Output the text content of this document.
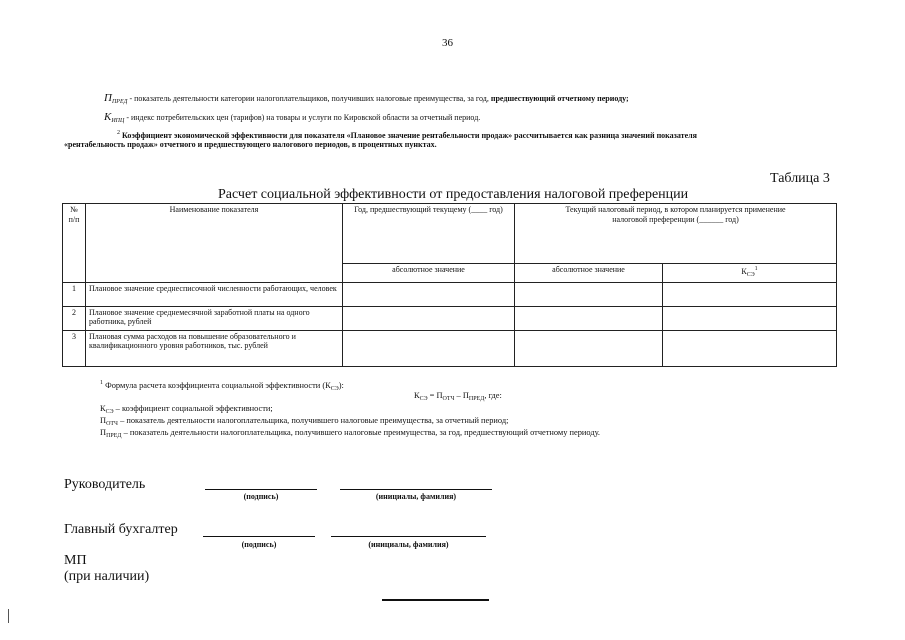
36
$П_{ПРЕД}$ - показатель деятельности категории налогоплательщиков, получивших налоговые преимущества, за год, предшествующий отчетному периоду;
$К_{ИПЦ}$ - индекс потребительских цен (тарифов) на товары и услуги по Кировской области за отчетный период.
$^2$ Коэффициент экономической эффективности для показателя «Плановое значение рентабельности продаж» рассчитывается как разница значений показателя
«рентабельность продаж» отчетного и предшествующего налогового периодов, в процентных пунктах.
Таблица 3
Расчет социальной эффективности от предоставления налоговой преференции
№ п/п	Наименование показателя	Год, предшествующий текущему (____ год)	Текущий налоговый период, в котором планируется применение налоговой преференции (______ год)	
		абсолютное значение	абсолютное значение	$К_{СЭ}^1$
1	Плановое значение среднесписочной численности работающих, человек			
2	Плановое значение среднемесячной заработной платы на одного работника, рублей			
3	Плановая сумма расходов на повышение образовательного и квалификационного уровня работников, тыс. рублей			
$^1$ Формула расчета коэффициента социальной эффективности $(К_{СЭ})$:
$К_{СЭ} = П_{ОТЧ} - П_{ПРЕД}$, где:
$К_{СЭ}$ – коэффициент социальной эффективности;
$П_{ОТЧ}$ – показатель деятельности налогоплательщика, получившего налоговые преимущества, за отчетный период;
$П_{ПРЕД}$ – показатель деятельности налогоплательщика, получившего налоговые преимущества, за год, предшествующий отчетному периоду.
Руководитель
(подпись)	(инициалы, фамилия)
Главный бухгалтер
(подпись)	(инициалы, фамилия)
МП
(при наличии)
